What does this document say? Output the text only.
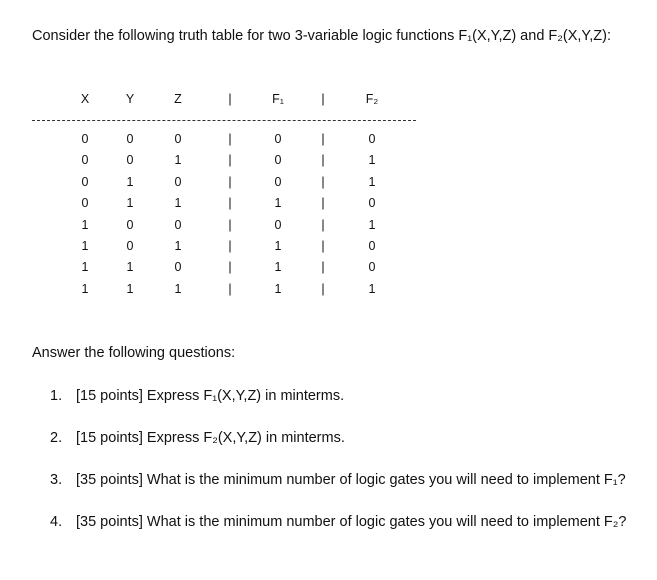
Consider the following truth table for two 3-variable logic functions F₁(X,Y,Z) and F₂(X,Y,Z):
X	Y	Z	|	F₁	|	F₂
0	0	0	|	0	|	0
0	0	1	|	0	|	1
0	1	0	|	0	|	1
0	1	1	|	1	|	0
1	0	0	|	0	|	1
1	0	1	|	1	|	0
1	1	0	|	1	|	0
1	1	1	|	1	|	1
Answer the following questions:
1. [15 points] Express F₁(X,Y,Z) in minterms.
2. [15 points] Express F₂(X,Y,Z) in minterms.
3. [35 points] What is the minimum number of logic gates you will need to implement F₁?
4. [35 points] What is the minimum number of logic gates you will need to implement F₂?
